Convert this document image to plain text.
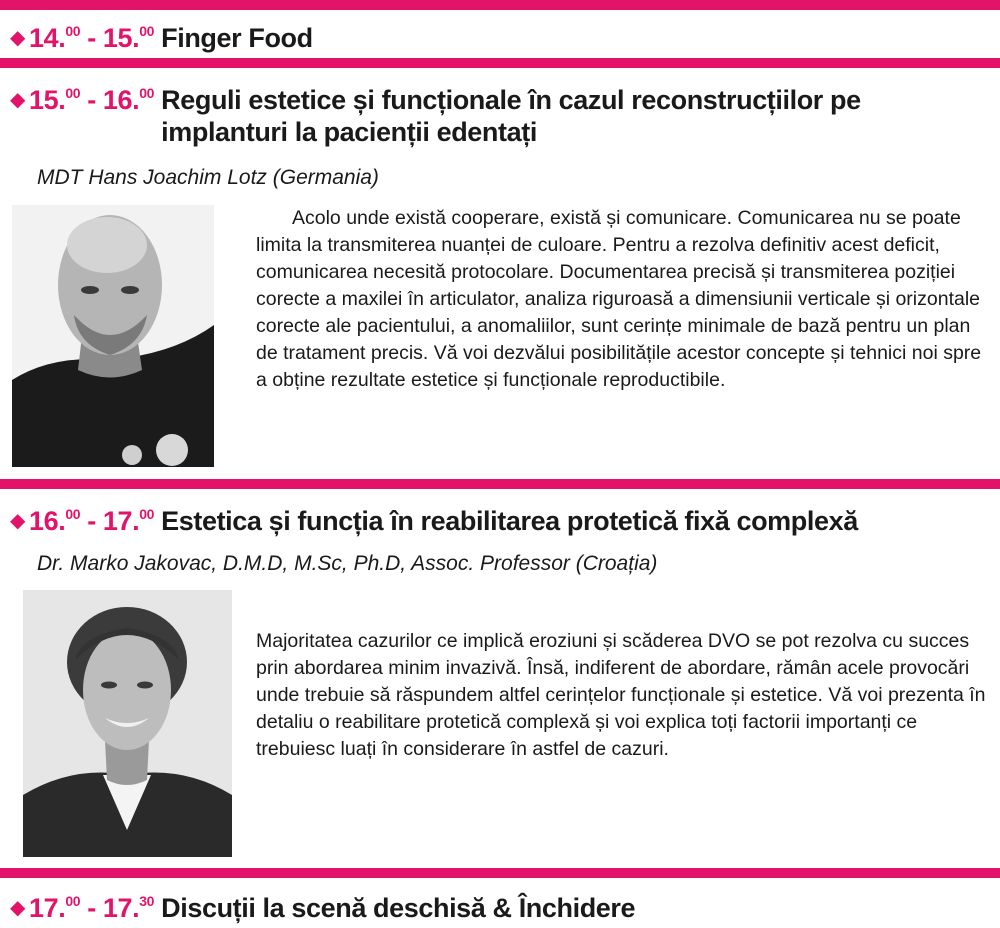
◆ 14.00 - 15.00 Finger Food
◆ 15.00 - 16.00 Reguli estetice și funcționale în cazul reconstrucțiilor pe
implanturi la pacienții edentați
MDT Hans Joachim Lotz (Germania)

Acolo unde există cooperare, există și comunicare. Comunicarea nu se poate limita la transmiterea nuanței de culoare. Pentru a rezolva definitiv acest deficit, comunicarea necesită protocolare. Documentarea precisă și transmiterea poziției corecte a maxilei în articulator, analiza riguroasă a dimensiunii verticale și orizontale corecte ale pacientului, a anomaliilor, sunt cerințe minimale de bază pentru un plan de tratament precis. Vă voi dezvălui posibilitățile acestor concepte și tehnici noi spre a obține rezultate estetice și funcționale reproductibile.

◆ 16.00 - 17.00 Estetica și funcția în reabilitarea protetică fixă complexă
Dr. Marko Jakovac, D.M.D, M.Sc, Ph.D, Assoc. Professor (Croația)

Majoritatea cazurilor ce implică eroziuni și scăderea DVO se pot rezolva cu succes prin abordarea minim invazivă. Însă, indiferent de abordare, rămân acele provocări unde trebuie să răspundem altfel cerințelor funcționale și estetice. Vă voi prezenta în detaliu o reabilitare protetică complexă și voi explica toți factorii importanți ce trebuiesc luați în considerare în astfel de cazuri.

◆ 17.00 - 17.30 Discuții la scenă deschisă & Închidere
